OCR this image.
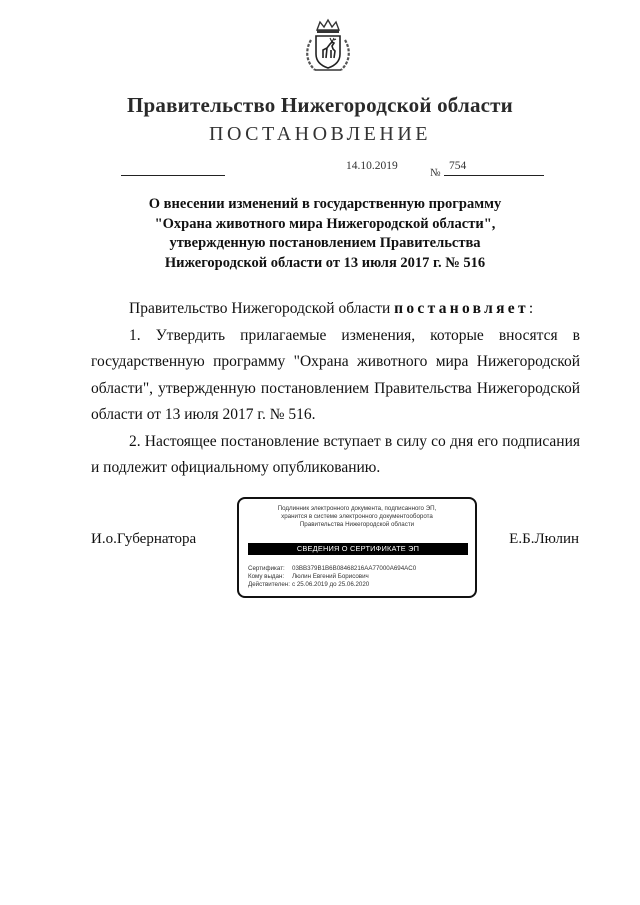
Правительство Нижегородской области
ПОСТАНОВЛЕНИЕ
14.10.2019
№
754
О внесении изменений в государственную программу
"Охрана животного мира Нижегородской области",
утвержденную постановлением Правительства
Нижегородской области от 13 июля 2017 г. № 516

Правительство Нижегородской области постановляет:

1. Утвердить прилагаемые изменения, которые вносятся в государственную программу "Охрана животного мира Нижегородской области", утвержденную постановлением Правительства Нижегородской области от 13 июля 2017 г. № 516.

2. Настоящее постановление вступает в силу со дня его подписания и подлежит официальному опубликованию.

И.о.Губернатора	Е.Б.Люлин
Подлинник электронного документа, подписанного ЭП,
хранится в системе электронного документооборота
Правительства Нижегородской области
СВЕДЕНИЯ О СЕРТИФИКАТЕ ЭП
Сертификат: 03BB379B1B6B08468216AA77000A694AC0
Кому выдан: Люлин Евгений Борисович
Действителен: с 25.06.2019 до 25.06.2020
